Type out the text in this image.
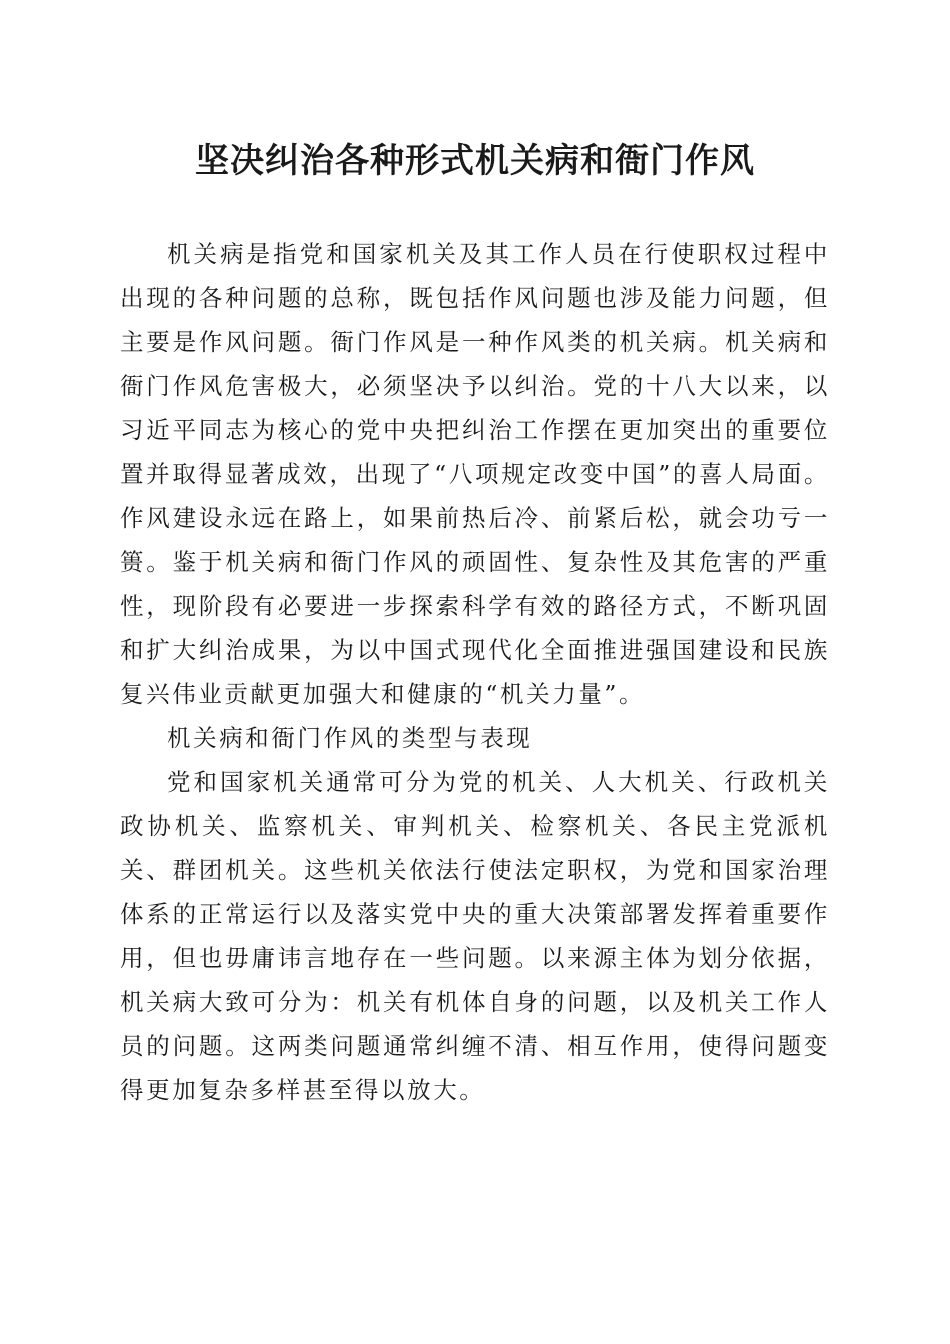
坚决纠治各种形式机关病和衙门作风

机关病是指党和国家机关及其工作人员在行使职权过程中出现的各种问题的总称，既包括作风问题也涉及能力问题，但主要是作风问题。衙门作风是一种作风类的机关病。机关病和衙门作风危害极大，必须坚决予以纠治。党的十八大以来，以习近平同志为核心的党中央把纠治工作摆在更加突出的重要位置并取得显著成效，出现了“八项规定改变中国”的喜人局面。作风建设永远在路上，如果前热后冷、前紧后松，就会功亏一篑。鉴于机关病和衙门作风的顽固性、复杂性及其危害的严重性，现阶段有必要进一步探索科学有效的路径方式，不断巩固和扩大纠治成果，为以中国式现代化全面推进强国建设和民族复兴伟业贡献更加强大和健康的“机关力量”。

机关病和衙门作风的类型与表现

党和国家机关通常可分为党的机关、人大机关、行政机关政协机关、监察机关、审判机关、检察机关、各民主党派机关、群团机关。这些机关依法行使法定职权，为党和国家治理体系的正常运行以及落实党中央的重大决策部署发挥着重要作用，但也毋庸讳言地存在一些问题。以来源主体为划分依据，机关病大致可分为：机关有机体自身的问题，以及机关工作人员的问题。这两类问题通常纠缠不清、相互作用，使得问题变得更加复杂多样甚至得以放大。
